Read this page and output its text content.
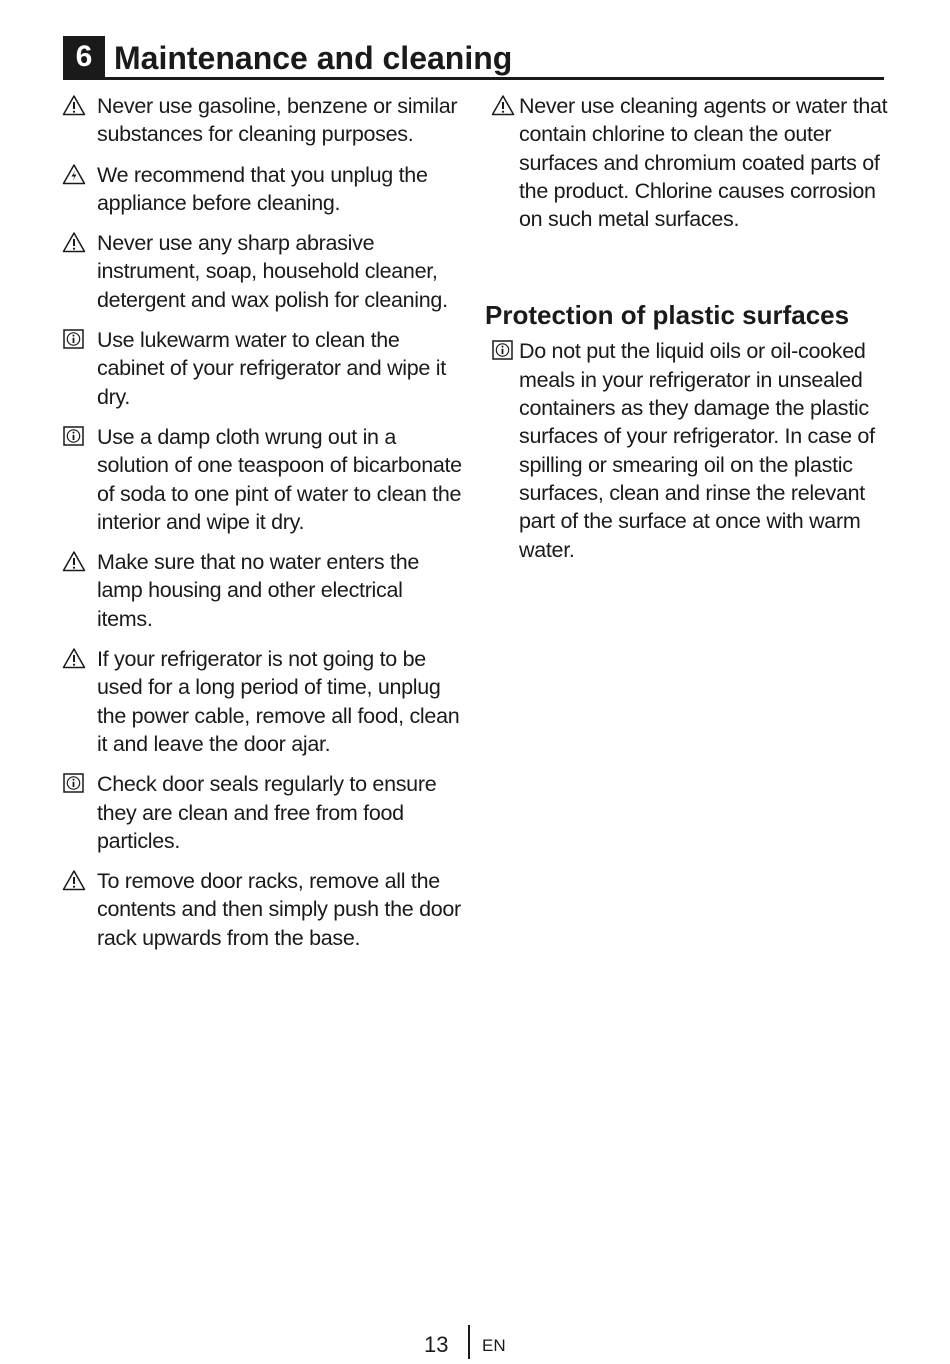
6 Maintenance and cleaning
Never use gasoline, benzene or similar substances for cleaning purposes.
We recommend that you unplug the appliance before cleaning.
Never use any sharp abrasive instrument, soap, household cleaner, detergent and wax polish for cleaning.
Use lukewarm water to clean the cabinet of your refrigerator and wipe it dry.
Use a damp cloth wrung out in a solution of one teaspoon of bicarbonate of soda to one pint of water to clean the interior and wipe it dry.
Make sure that no water enters the lamp housing and other electrical items.
If your refrigerator is not going to be used for a long period of time, unplug the power cable, remove all food, clean it and leave the door ajar.
Check door seals regularly to ensure they are clean and free from food particles.
To remove door racks, remove all the contents and then simply push the door rack upwards from the base.
Never use cleaning agents or water that contain chlorine to clean the outer surfaces and chromium coated parts of the product. Chlorine causes corrosion on such metal surfaces.
Protection of plastic surfaces
Do not put the liquid oils or oil-cooked meals in your refrigerator in unsealed containers as they damage the plastic surfaces of your refrigerator. In case of spilling or smearing oil on the plastic surfaces, clean and rinse the relevant part of the surface at once with warm water.
13 EN
